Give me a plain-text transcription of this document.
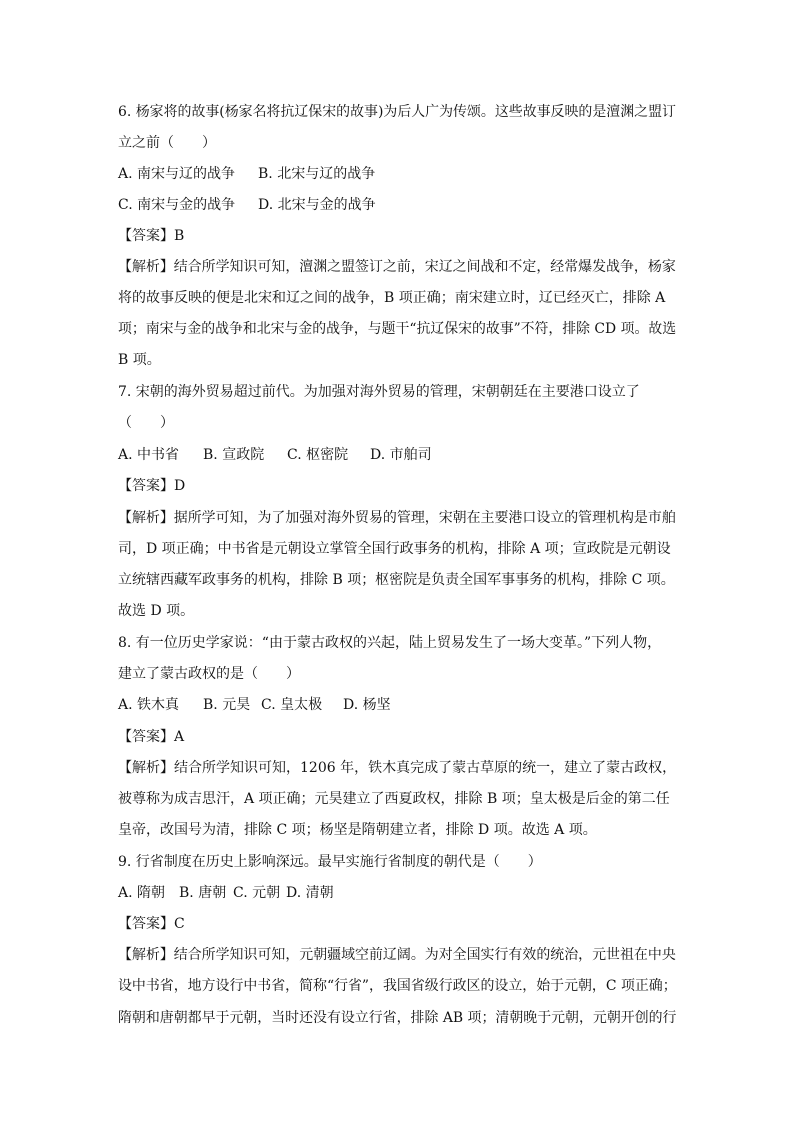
6. 杨家将的故事(杨家名将抗辽保宋的故事)为后人广为传颂。这些故事反映的是澶渊之盟订
立之前（　　）
A. 南宋与辽的战争 B. 北宋与辽的战争
C. 南宋与金的战争 D. 北宋与金的战争
【答案】B
【解析】结合所学知识可知，澶渊之盟签订之前，宋辽之间战和不定，经常爆发战争，杨家
将的故事反映的便是北宋和辽之间的战争，B 项正确；南宋建立时，辽已经灭亡，排除 A
项；南宋与金的战争和北宋与金的战争，与题干“抗辽保宋的故事”不符，排除 CD 项。故选
B 项。
7. 宋朝的海外贸易超过前代。为加强对海外贸易的管理，宋朝朝廷在主要港口设立了
（　　）
A. 中书省 B. 宣政院 C. 枢密院 D. 市舶司
【答案】D
【解析】据所学可知，为了加强对海外贸易的管理，宋朝在主要港口设立的管理机构是市舶
司，D 项正确；中书省是元朝设立掌管全国行政事务的机构，排除 A 项；宣政院是元朝设
立统辖西藏军政事务的机构，排除 B 项；枢密院是负责全国军事事务的机构，排除 C 项。
故选 D 项。
8. 有一位历史学家说：“由于蒙古政权的兴起，陆上贸易发生了一场大变革。”下列人物，
建立了蒙古政权的是（　　）
A. 铁木真 B. 元昊 C. 皇太极 D. 杨坚
【答案】A
【解析】结合所学知识可知，1206 年，铁木真完成了蒙古草原的统一，建立了蒙古政权，
被尊称为成吉思汗，A 项正确；元昊建立了西夏政权，排除 B 项；皇太极是后金的第二任
皇帝，改国号为清，排除 C 项；杨坚是隋朝建立者，排除 D 项。故选 A 项。
9. 行省制度在历史上影响深远。最早实施行省制度的朝代是（　　）
A. 隋朝 B. 唐朝 C. 元朝 D. 清朝
【答案】C
【解析】结合所学知识可知，元朝疆域空前辽阔。为对全国实行有效的统治，元世祖在中央
设中书省，地方设行中书省，简称“行省”，我国省级行政区的设立，始于元朝，C 项正确；
隋朝和唐朝都早于元朝，当时还没有设立行省，排除 AB 项；清朝晚于元朝，元朝开创的行
